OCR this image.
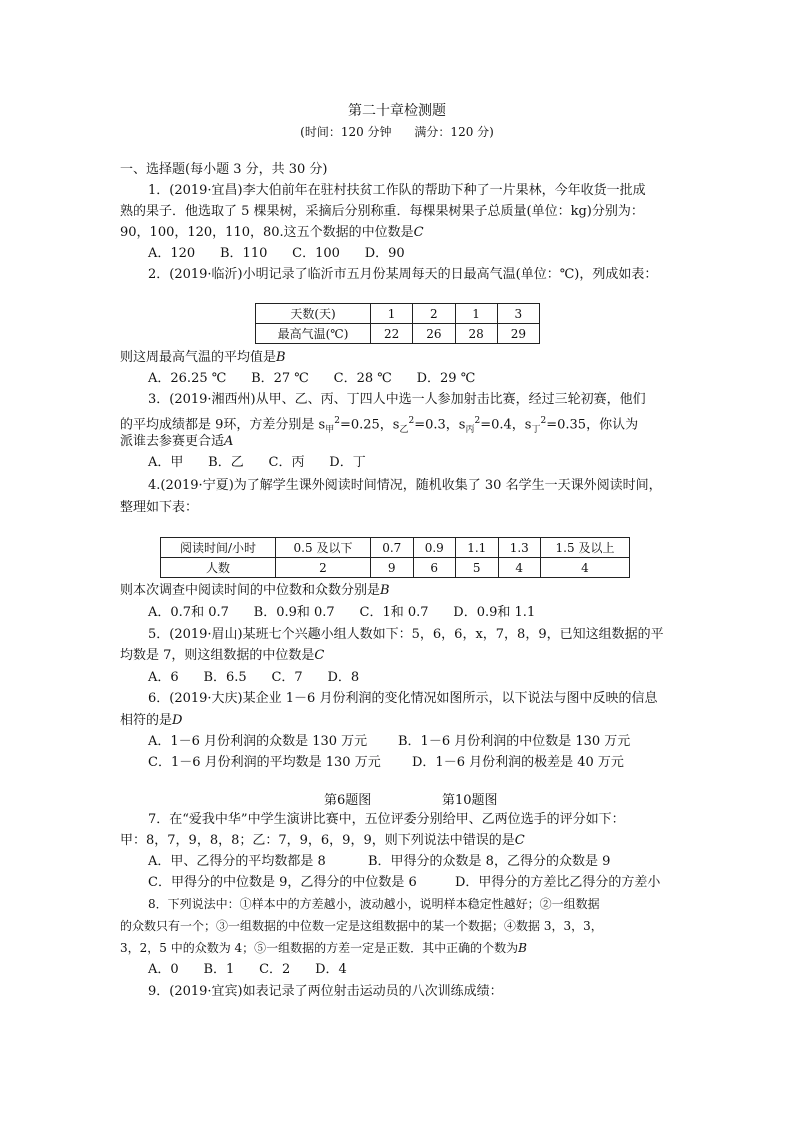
第二十章检测题
(时间：120 分钟      满分：120 分)
一、选择题(每小题 3 分，共 30 分)
1．(2019·宜昌)李大伯前年在驻村扶贫工作队的帮助下种了一片果林，今年收货一批成
熟的果子．他选取了 5 棵果树，采摘后分别称重．每棵果树果子总质量(单位：kg)分别为：
90，100，120，110，80.这五个数据的中位数是C
A．120      B．110      C．100      D．90
2．(2019·临沂)小明记录了临沂市五月份某周每天的日最高气温(单位：℃)，列成如表：
天数(天)	1	2	1	3
最高气温(℃)	22	26	28	29
则这周最高气温的平均值是B
A．26.25 ℃      B．27 ℃      C．28 ℃      D．29 ℃
3．(2019·湘西州)从甲、乙、丙、丁四人中选一人参加射击比赛，经过三轮初赛，他们
的平均成绩都是 9环，方差分别是 $s_甲^2=0.25$，$s_乙^2=0.3$，$s_丙^2=0.4$，$s_丁^2=0.35$，你认为
派谁去参赛更合适A
A．甲      B．乙      C．丙      D．丁
4.(2019·宁夏)为了解学生课外阅读时间情况，随机收集了 30 名学生一天课外阅读时间，
整理如下表：
阅读时间/小时	0.5 及以下	0.7	0.9	1.1	1.3	1.5 及以上
人数	2	9	6	5	4	4
则本次调查中阅读时间的中位数和众数分别是B
A．0.7和 0.7      B．0.9和 0.7      C．1和 0.7      D．0.9和 1.1
5．(2019·眉山)某班七个兴趣小组人数如下：5，6，6，x，7，8，9，已知这组数据的平
均数是 7，则这组数据的中位数是C
A．6      B．6.5      C．7      D．8
6．(2019·大庆)某企业 1－6 月份利润的变化情况如图所示，以下说法与图中反映的信息
相符的是D
A．1－6 月份利润的众数是 130 万元 B．1－6 月份利润的中位数是 130 万元
C．1－6 月份利润的平均数是 130 万元 D．1－6 月份利润的极差是 40 万元
第6题图	第10题图
7．在“爱我中华”中学生演讲比赛中，五位评委分别给甲、乙两位选手的评分如下：
甲：8，7，9，8，8；乙：7，9，6，9，9，则下列说法中错误的是C
A．甲、乙得分的平均数都是 8	B．甲得分的众数是 8，乙得分的众数是 9
C．甲得分的中位数是 9，乙得分的中位数是 6	D．甲得分的方差比乙得分的方差小
8．下列说法中：①样本中的方差越小，波动越小，说明样本稳定性越好；②一组数据
的众数只有一个；③一组数据的中位数一定是这组数据中的某一个数据；④数据 3，3，3，
3，2，5 中的众数为 4；⑤一组数据的方差一定是正数．其中正确的个数为B
A．0      B．1      C．2      D．4
9．(2019·宜宾)如表记录了两位射击运动员的八次训练成绩：
